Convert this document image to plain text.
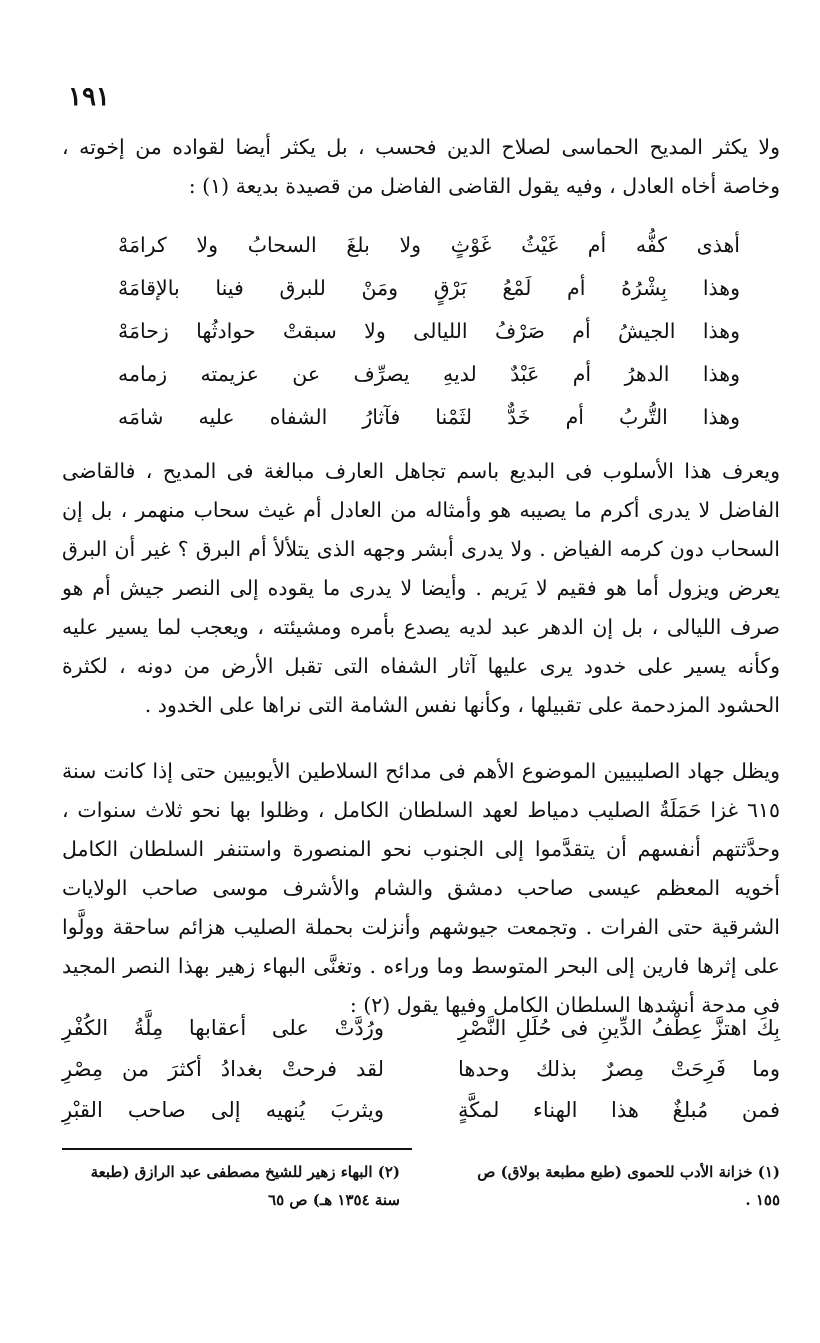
١٩١

ولا يكثر المديح الحماسى لصلاح الدين فحسب ، بل يكثر أيضا لقواده من إخوته ، وخاصة أخاه العادل ، وفيه يقول القاضى الفاضل من قصيدة بديعة (١) :

أهذى كفُّه أم غَيْثُ غَوْثٍ ولا بلغَ السحابُ ولا كرامَهْ
وهذا بِشْرُهُ أم لَمْعُ بَرْقٍ ومَنْ للبرق فينا بالإقامَهْ
وهذا الجيشُ أم صَرْفُ الليالى ولا سبقتْ حوادثُها زحامَهْ
وهذا الدهرُ أم عَبْدٌ لديهِ يصرِّف عن عزيمته زمامه
وهذا التُّربُ أم خَدٌّ لثَمْنا فآثارُ الشفاه عليه شامَه

ويعرف هذا الأسلوب فى البديع باسم تجاهل العارف مبالغة فى المديح ، فالقاضى الفاضل لا يدرى أكرم ما يصيبه هو وأمثاله من العادل أم غيث سحاب منهمر ، بل إن السحاب دون كرمه الفياض . ولا يدرى أبشر وجهه الذى يتلألأ أم البرق ؟ غير أن البرق يعرض ويزول أما هو فقيم لا يَريم . وأيضا لا يدرى ما يقوده إلى النصر جيش أم هو صرف الليالى ، بل إن الدهر عبد لديه يصدع بأمره ومشيئته ، ويعجب لما يسير عليه وكأنه يسير على خدود يرى عليها آثار الشفاه التى تقبل الأرض من دونه ، لكثرة الحشود المزدحمة على تقبيلها ، وكأنها نفس الشامة التى نراها على الخدود .

ويظل جهاد الصليبيين الموضوع الأهم فى مدائح السلاطين الأيوبيين حتى إذا كانت سنة ٦١٥ غزا حَمَلَةُ الصليب دمياط لعهد السلطان الكامل ، وظلوا بها نحو ثلاث سنوات ، وحدَّثتهم أنفسهم أن يتقدَّموا إلى الجنوب نحو المنصورة واستنفر السلطان الكامل أخويه المعظم عيسى صاحب دمشق والشام والأشرف موسى صاحب الولايات الشرقية حتى الفرات . وتجمعت جيوشهم وأنزلت بحملة الصليب هزائم ساحقة وولَّوا على إثرها فارين إلى البحر المتوسط وما وراءه . وتغنَّى البهاء زهير بهذا النصر المجيد فى مدحة أنشدها السلطان الكامل وفيها يقول (٢) :

بِكَ اهتزَّ عِطْفُ الدِّينِ فى حُلَلِ النَّصْرِ
ورُدَّتْ على أعقابها مِلَّةُ الكُفْرِ
وما فَرِحَتْ مِصرٌ بذلك وحدها
لقد فرحتْ بغدادُ أكثرَ من مِصْرِ
فمن مُبلغٌ هذا الهناء لمكَّةٍ
ويثربَ يُنهيه إلى صاحب القبْرِ
(١) خزانة الأدب للحموى (طبع مطبعة بولاق) ص ١٥٥ .
(٢) البهاء زهير للشيخ مصطفى عبد الرازق (طبعة سنة ١٣٥٤ هـ) ص ٦٥
